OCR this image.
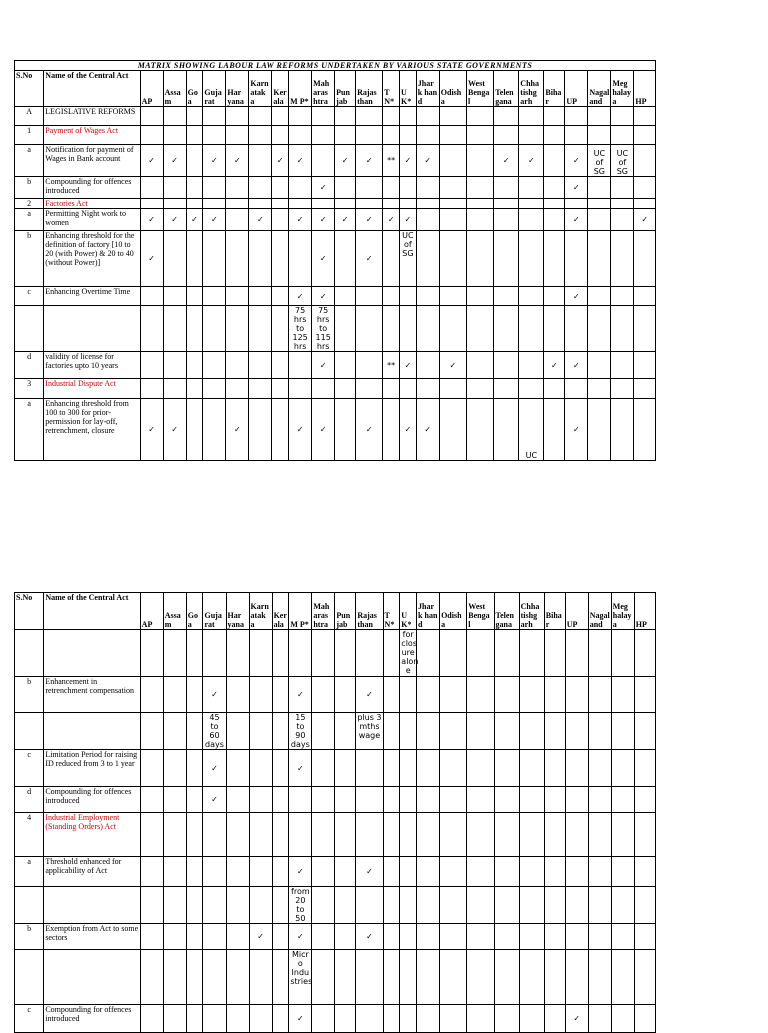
MATRIX SHOWING LABOUR LAW REFORMS UNDERTAKEN BY VARIOUS STATE GOVERNMENTS																								
S.No	Name of the Central Act	AP	Assa m	Go a	Guja rat	Har yana	Karn atak a	Ker ala	M P*	Mah aras htra	Pun jab	Rajas than	T N*	U K*	Jhar k han d	Odish a	West Benga l	Telen gana	Chha tishg arh	Biha r	UP	Nagal and	Meg halay a	HP
A	LEGISLATIVE REFORMS																							
1	Payment of Wages Act																							
a	Notification for payment of Wages in Bank account	✓	✓		✓	✓		✓	✓		✓	✓	**	✓	✓			✓	✓		✓	UC of SG	UC of SG	
b	Compounding for offences introduced									✓											✓			
2	Factories Act																							
a	Permitting Night work to women	✓	✓	✓	✓		✓		✓	✓	✓	✓	✓	✓							✓			✓
b	Enhancing threshold for the definition of factory [10 to 20 (with Power) & 20 to 40 (without Power)]	✓								✓		✓		UC of SG										
c	Enhancing Overtime Time								✓	✓											✓			
									75 hrs to 125 hrs	75 hrs to 115 hrs														
d	validity of license for factories upto 10 years									✓			**	✓		✓				✓	✓			
3	Industrial Dispute Act																							
a	Enhancing threshold from 100 to 300 for prior-permission for lay-off, retrenchment, closure	✓	✓			✓			✓	✓		✓		✓	✓				UC		✓			
S.No	Name of the Central Act	AP	Assa m	Go a	Guja rat	Har yana	Karn atak a	Ker ala	M P*	Mah aras htra	Pun jab	Rajas than	T N*	U K*	Jhar k han d	Odish a	West Benga l	Telen gana	Chha tishg arh	Biha r	UP	Nagal and	Meg halay a	HP
														for clos ure alon e										
b	Enhancement in retrenchment compensation				✓				✓			✓												
					45 to 60 days				15 to 90 days			plus 3 mths wage												
c	Limitation Period for raising ID reduced from 3 to 1 year				✓				✓															
d	Compounding for offences introduced				✓																			
4	Industrial Employment (Standing Orders) Act																							
a	Threshold enhanced for applicability of Act								✓			✓												
									from 20 to 50															
b	Exemption from Act to some sectors						✓		✓			✓												
									Micr o Indu stries															
c	Compounding for offences introduced								✓												✓			
